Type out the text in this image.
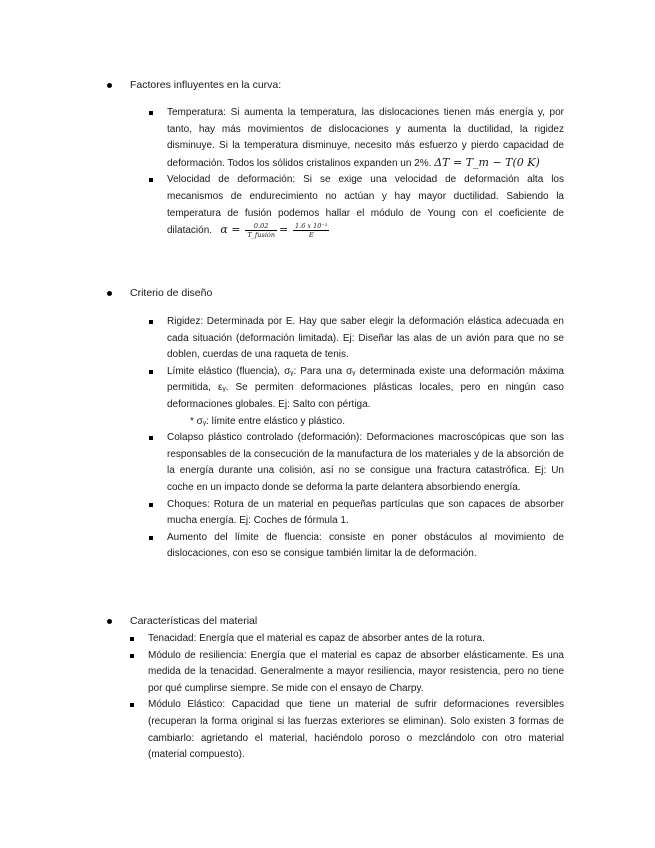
Factores influyentes en la curva:
Temperatura: Si aumenta la temperatura, las dislocaciones tienen más energía y, por tanto, hay más movimientos de dislocaciones y aumenta la ductilidad, la rigidez disminuye. Si la temperatura disminuye, necesito más esfuerzo y pierdo capacidad de deformación. Todos los sólidos cristalinos expanden un 2%. ΔT = T_m − T(0 K)
Velocidad de deformación: Si se exige una velocidad de deformación alta los mecanismos de endurecimiento no actúan y hay mayor ductilidad. Sabiendo la temperatura de fusión podemos hallar el módulo de Young con el coeficiente de dilatación. $\alpha = \frac{0.02}{\text{T\_fusión}} = \frac{\text{1.6 x 10⁻²}}{E}$
Criterio de diseño
Rigidez: Determinada por E. Hay que saber elegir la deformación elástica adecuada en cada situación (deformación limitada). Ej: Diseñar las alas de un avión para que no se doblen, cuerdas de una raqueta de tenis.
Límite elástico (fluencia), σᵧ: Para una σᵧ determinada existe una deformación máxima permitida, εᵧ. Se permiten deformaciones plásticas locales, pero en ningún caso deformaciones globales. Ej: Salto con pértiga.
* σᵧ: límite entre elástico y plástico.
Colapso plástico controlado (deformación): Deformaciones macroscópicas que son las responsables de la consecución de la manufactura de los materiales y de la absorción de la energía durante una colisión, así no se consigue una fractura catastrófica. Ej: Un coche en un impacto donde se deforma la parte delantera absorbiendo energía.
Choques: Rotura de un material en pequeñas partículas que son capaces de absorber mucha energía. Ej: Coches de fórmula 1.
Aumento del límite de fluencia: consiste en poner obstáculos al movimiento de dislocaciones, con eso se consigue también limitar la de deformación.
Características del material
Tenacidad: Energía que el material es capaz de absorber antes de la rotura.
Módulo de resiliencia: Energía que el material es capaz de absorber elásticamente. Es una medida de la tenacidad. Generalmente a mayor resiliencia, mayor resistencia, pero no tiene por qué cumplirse siempre. Se mide con el ensayo de Charpy.
Módulo Elástico: Capacidad que tiene un material de sufrir deformaciones reversibles (recuperan la forma original si las fuerzas exteriores se eliminan). Solo existen 3 formas de cambiarlo: agrietando el material, haciéndolo poroso o mezclándolo con otro material (material compuesto).
